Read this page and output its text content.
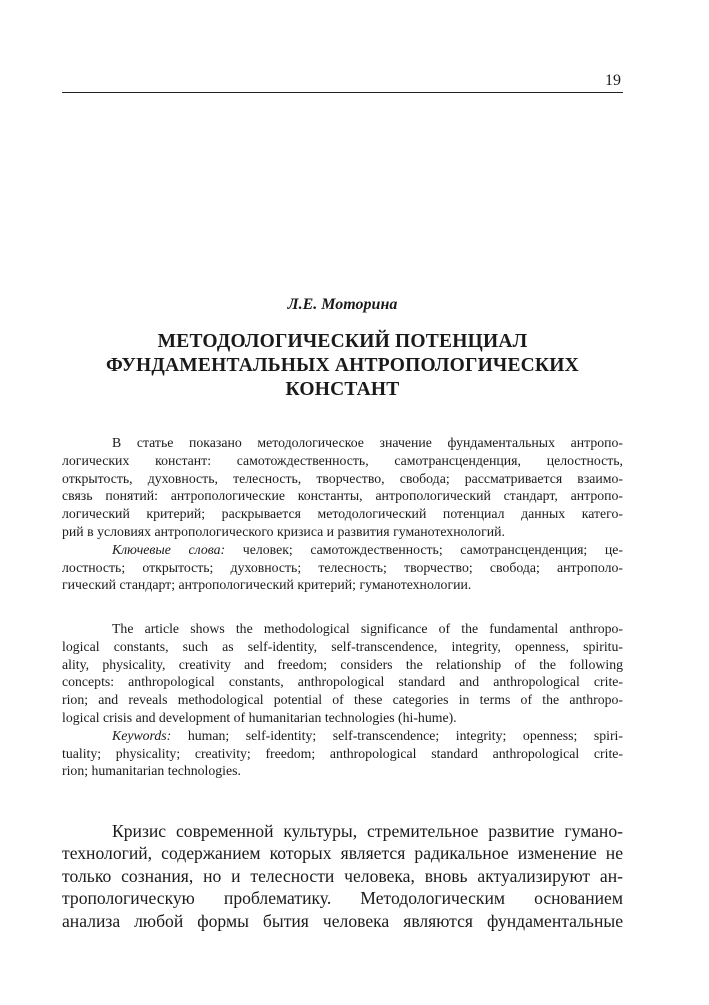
19
Л.Е. Моторина
МЕТОДОЛОГИЧЕСКИЙ ПОТЕНЦИАЛ
ФУНДАМЕНТАЛЬНЫХ АНТРОПОЛОГИЧЕСКИХ
КОНСТАНТ
В статье показано методологическое значение фундаментальных антропо-
логических констант: самотождественность, самотрансценденция, целостность,
открытость, духовность, телесность, творчество, свобода; рассматривается взаимо-
связь понятий: антропологические константы, антропологический стандарт, антропо-
логический критерий; раскрывается методологический потенциал данных катего-
рий в условиях антропологического кризиса и развития гуманотехнологий.
Ключевые слова: человек; самотождественность; самотрансценденция; це-
лостность; открытость; духовность; телесность; творчество; свобода; антрополо-
гический стандарт; антропологический критерий; гуманотехнологии.
The article shows the methodological significance of the fundamental anthropo-
logical constants, such as self-identity, self-transcendence, integrity, openness, spiritu-
ality, physicality, creativity and freedom; considers the relationship of the following
concepts: anthropological constants, anthropological standard and anthropological crite-
rion; and reveals methodological potential of these categories in terms of the anthropo-
logical crisis and development of humanitarian technologies (hi-hume).
Keywords: human; self-identity; self-transcendence; integrity; openness; spiri-
tuality; physicality; creativity; freedom; anthropological standard anthropological crite-
rion; humanitarian technologies.
Кризис современной культуры, стремительное развитие гумано-
технологий, содержанием которых является радикальное изменение не
только сознания, но и телесности человека, вновь актуализируют ан-
тропологическую проблематику. Методологическим основанием
анализа любой формы бытия человека являются фундаментальные
